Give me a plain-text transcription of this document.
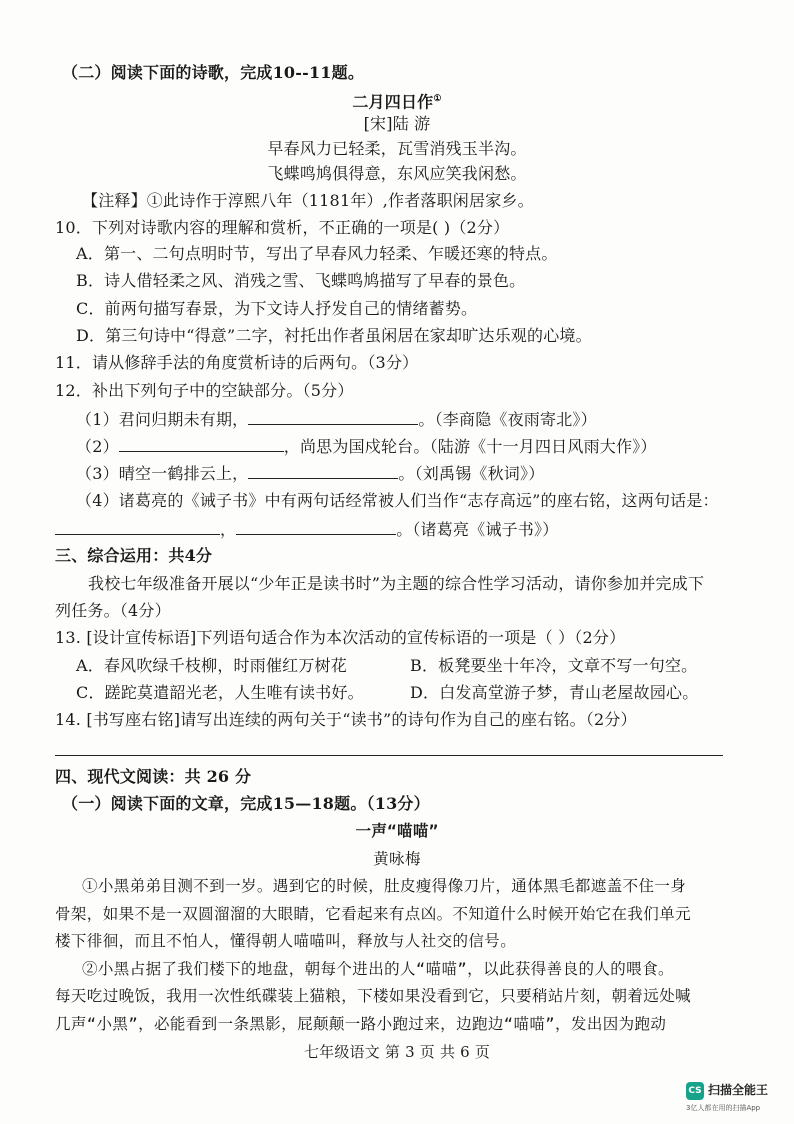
（二）阅读下面的诗歌，完成10--11题。
二月四日作①
[宋]陆 游
早春风力已轻柔，瓦雪消残玉半沟。
飞蝶鸣鸠俱得意，东风应笑我闲愁。
【注释】①此诗作于淳熙八年（1181年）,作者落职闲居家乡。
10．下列对诗歌内容的理解和赏析，不正确的一项是( )（2分）
A．第一、二句点明时节，写出了早春风力轻柔、乍暖还寒的特点。
B．诗人借轻柔之风、消残之雪、飞蝶鸣鸠描写了早春的景色。
C．前两句描写春景，为下文诗人抒发自己的情绪蓄势。
D．第三句诗中“得意”二字，衬托出作者虽闲居在家却旷达乐观的心境。
11．请从修辞手法的角度赏析诗的后两句。（3分）
12．补出下列句子中的空缺部分。（5分）
（1）君问归期未有期，	。（李商隐《夜雨寄北》）
（2）	，尚思为国戍轮台。（陆游《十一月四日风雨大作》）
（3）晴空一鹤排云上，	。（刘禹锡《秋词》）
（4）诸葛亮的《诫子书》中有两句话经常被人们当作“志存高远”的座右铭，这两句话是：
，	。（诸葛亮《诫子书》）
三、综合运用：共4分
我校七年级准备开展以“少年正是读书时”为主题的综合性学习活动，请你参加并完成下
列任务。（4分）
13. [设计宣传标语]下列语句适合作为本次活动的宣传标语的一项是（ ）（2分）
A．春风吹绿千枝柳，时雨催红万树花	B．板凳要坐十年冷，文章不写一句空。
C．蹉跎莫遣韶光老，人生唯有读书好。	D．白发高堂游子梦，青山老屋故园心。
14. [书写座右铭]请写出连续的两句关于“读书”的诗句作为自己的座右铭。（2分）
四、现代文阅读：共 26 分
（一）阅读下面的文章，完成15—18题。（13分）
一声“喵喵”
黄咏梅
①小黑弟弟目测不到一岁。遇到它的时候，肚皮瘦得像刀片，通体黑毛都遮盖不住一身
骨架，如果不是一双圆溜溜的大眼睛，它看起来有点凶。不知道什么时候开始它在我们单元
楼下徘徊，而且不怕人，懂得朝人喵喵叫，释放与人社交的信号。
②小黑占据了我们楼下的地盘，朝每个进出的人“喵喵”，以此获得善良的人的喂食。
每天吃过晚饭，我用一次性纸碟装上猫粮，下楼如果没看到它，只要稍站片刻，朝着远处喊
几声“小黑”，必能看到一条黑影，屁颠颠一路小跑过来，边跑边“喵喵”，发出因为跑动
七年级语文 第 3 页 共 6 页
CS 扫描全能王
3亿人都在用的扫描App
